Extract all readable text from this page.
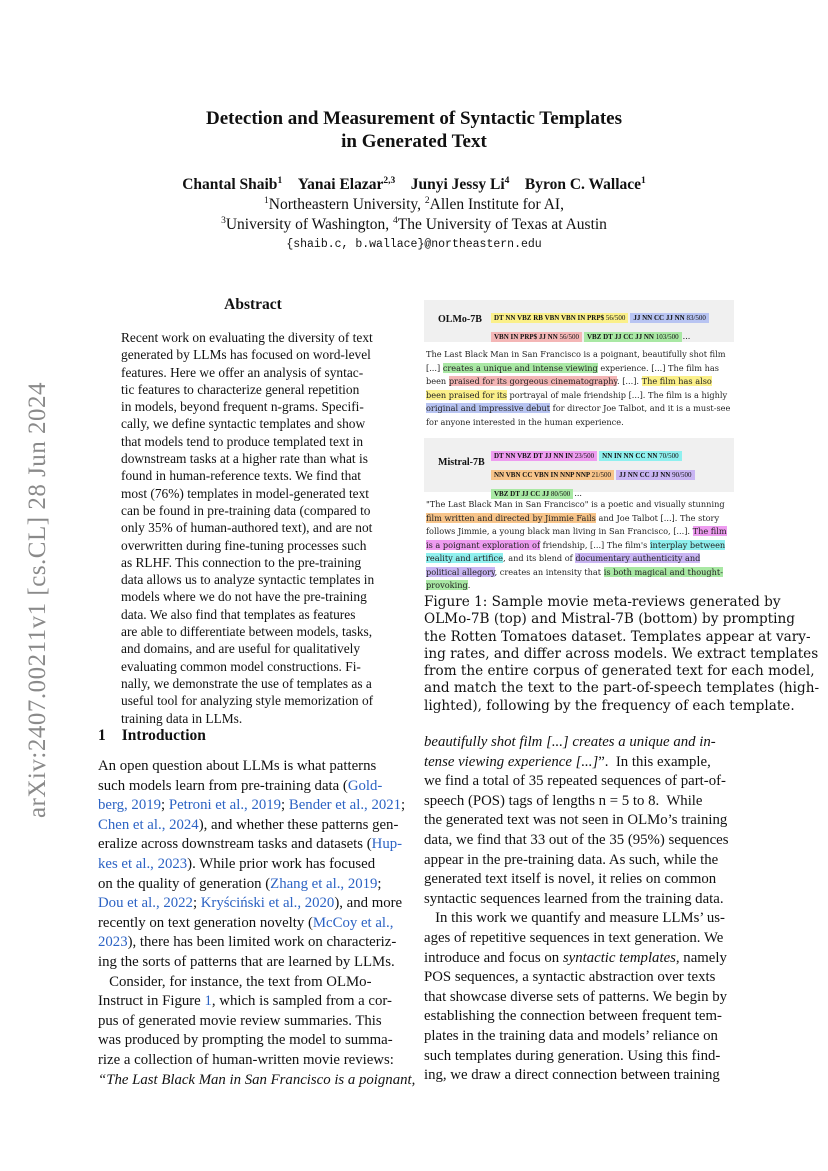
arXiv:2407.00211v1 [cs.CL] 28 Jun 2024
Detection and Measurement of Syntactic Templates
in Generated Text
Chantal Shaib$^1$  Yanai Elazar$^{2,3}$  Junyi Jessy Li$^4$  Byron C. Wallace$^1$
$^1$Northeastern University, $^2$Allen Institute for AI,
$^3$University of Washington, $^4$The University of Texas at Austin
{shaib.c, b.wallace}@northeastern.edu
Abstract
Recent work on evaluating the diversity of text
generated by LLMs has focused on word-level
features. Here we offer an analysis of syntac-
tic features to characterize general repetition
in models, beyond frequent n-grams. Specifi-
cally, we define syntactic templates and show
that models tend to produce templated text in
downstream tasks at a higher rate than what is
found in human-reference texts. We find that
most (76%) templates in model-generated text
can be found in pre-training data (compared to
only 35% of human-authored text), and are not
overwritten during fine-tuning processes such
as RLHF. This connection to the pre-training
data allows us to analyze syntactic templates in
models where we do not have the pre-training
data. We also find that templates as features
are able to differentiate between models, tasks,
and domains, and are useful for qualitatively
evaluating common model constructions. Fi-
nally, we demonstrate the use of templates as a
useful tool for analyzing style memorization of
training data in LLMs.
OLMo-7B	DT NN VBZ RB VBN VBN IN PRP$ 56/500 JJ NN CC JJ NN 83/500VBN IN PRP$ JJ NN 56/500 VBZ DT JJ CC JJ NN 103/500 ...
The Last Black Man in San Francisco is a poignant, beautifully shot film [...] creates a unique and intense viewing experience. [...] The film has been praised for its gorgeous cinematography. [...]. The film has also been praised for its portrayal of male friendship [...]. The film is a highly original and impressive debut for director Joe Talbot, and it is a must-see for anyone interested in the human experience.
Mistral-7B
DT NN VBZ DT JJ NN IN 23/500 NN IN NN CC NN 70/500NN VBN CC VBN IN NNP NNP 21/500 JJ NN CC JJ NN 90/500VBZ DT JJ CC JJ 80/500 ...
"The Last Black Man in San Francisco" is a poetic and visually stunning film written and directed by Jimmie Fails and Joe Talbot [...]. The story follows Jimmie, a young black man living in San Francisco, [...]. The film is a poignant exploration of friendship, [...] The film's interplay between reality and artifice, and its blend of documentary authenticity and political allegory, creates an intensity that is both magical and thought-provoking.
Figure 1: Sample movie meta-reviews generated by
OLMo-7B (top) and Mistral-7B (bottom) by prompting
the Rotten Tomatoes dataset. Templates appear at vary-
ing rates, and differ across models. We extract templates
from the entire corpus of generated text for each model,
and match the text to the part-of-speech templates (high-
lighted), following by the frequency of each template.
1 Introduction
An open question about LLMs is what patterns
such models learn from pre-training data (Gold-
berg, 2019; Petroni et al., 2019; Bender et al., 2021;
Chen et al., 2024), and whether these patterns gen-
eralize across downstream tasks and datasets (Hup-
kes et al., 2023). While prior work has focused
on the quality of generation (Zhang et al., 2019;
Dou et al., 2022; Kryściński et al., 2020), and more
recently on text generation novelty (McCoy et al.,
2023), there has been limited work on characteriz-
ing the sorts of patterns that are learned by LLMs.
Consider, for instance, the text from OLMo-
Instruct in Figure 1, which is sampled from a cor-
pus of generated movie review summaries. This
was produced by prompting the model to summa-
rize a collection of human-written movie reviews:
“The Last Black Man in San Francisco is a poignant,
beautifully shot film [...] creates a unique and in-
tense viewing experience [...]”.  In this example,
we find a total of 35 repeated sequences of part-of-
speech (POS) tags of lengths n = 5 to 8.  While
the generated text was not seen in OLMo’s training
data, we find that 33 out of the 35 (95%) sequences
appear in the pre-training data. As such, while the
generated text itself is novel, it relies on common
syntactic sequences learned from the training data.
In this work we quantify and measure LLMs’ us-
ages of repetitive sequences in text generation. We
introduce and focus on syntactic templates, namely
POS sequences, a syntactic abstraction over texts
that showcase diverse sets of patterns. We begin by
establishing the connection between frequent tem-
plates in the training data and models’ reliance on
such templates during generation. Using this find-
ing, we draw a direct connection between training
